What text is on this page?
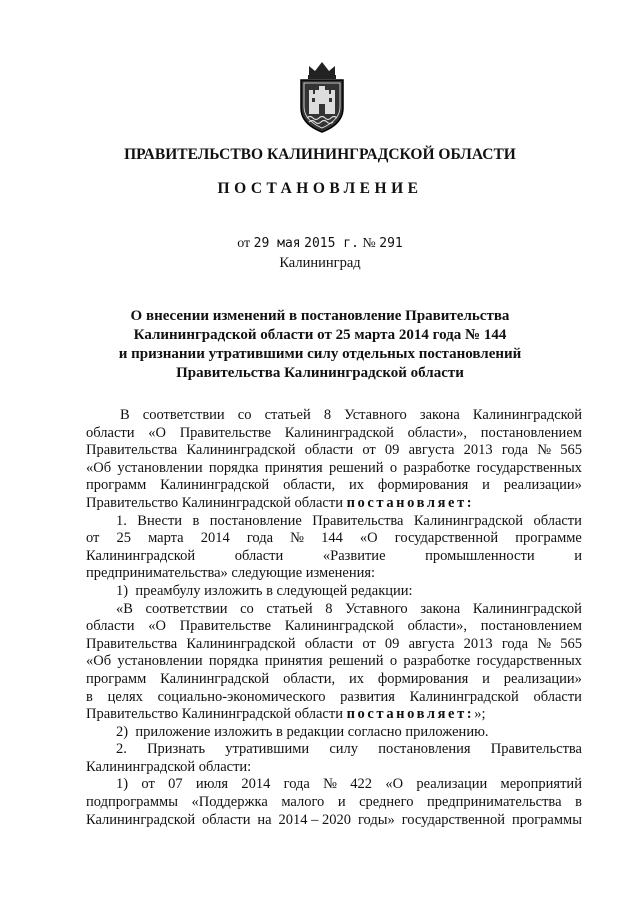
ПРАВИТЕЛЬСТВО КАЛИНИНГРАДСКОЙ ОБЛАСТИ
ПОСТАНОВЛЕНИЕ
от 29 мая 2015 г. № 291
Калининград
О внесении изменений в постановление Правительства
Калининградской области от 25 марта 2014 года № 144
и признании утратившими силу отдельных постановлений
Правительства Калининградской области
В соответствии со статьей 8 Уставного закона Калининградской
области «О Правительстве Калининградской области», постановлением
Правительства Калининградской области от 09 августа 2013 года № 565
«Об установлении порядка принятия решений о разработке государственных
программ Калининградской области, их формирования и реализации»
Правительство Калининградской области постановляет:
1. Внести в постановление Правительства Калининградской области
от 25 марта 2014 года № 144 «О государственной программе
Калининградской	области	«Развитие	промышленности	и
предпринимательства» следующие изменения:
1)  преамбулу изложить в следующей редакции:
«В соответствии со статьей 8 Уставного закона Калининградской
области «О Правительстве Калининградской области», постановлением
Правительства Калининградской области от 09 августа 2013 года № 565
«Об установлении порядка принятия решений о разработке государственных
программ Калининградской области, их формирования и реализации»
в целях социально-экономического развития Калининградской области
Правительство Калининградской области постановляет: »;
2)  приложение изложить в редакции согласно приложению.
2. Признать утратившими силу постановления Правительства
Калининградской области:
1) от 07 июля 2014 года № 422 «О реализации мероприятий
подпрограммы «Поддержка малого и среднего предпринимательства в
Калининградской области на 2014 – 2020 годы» государственной программы
